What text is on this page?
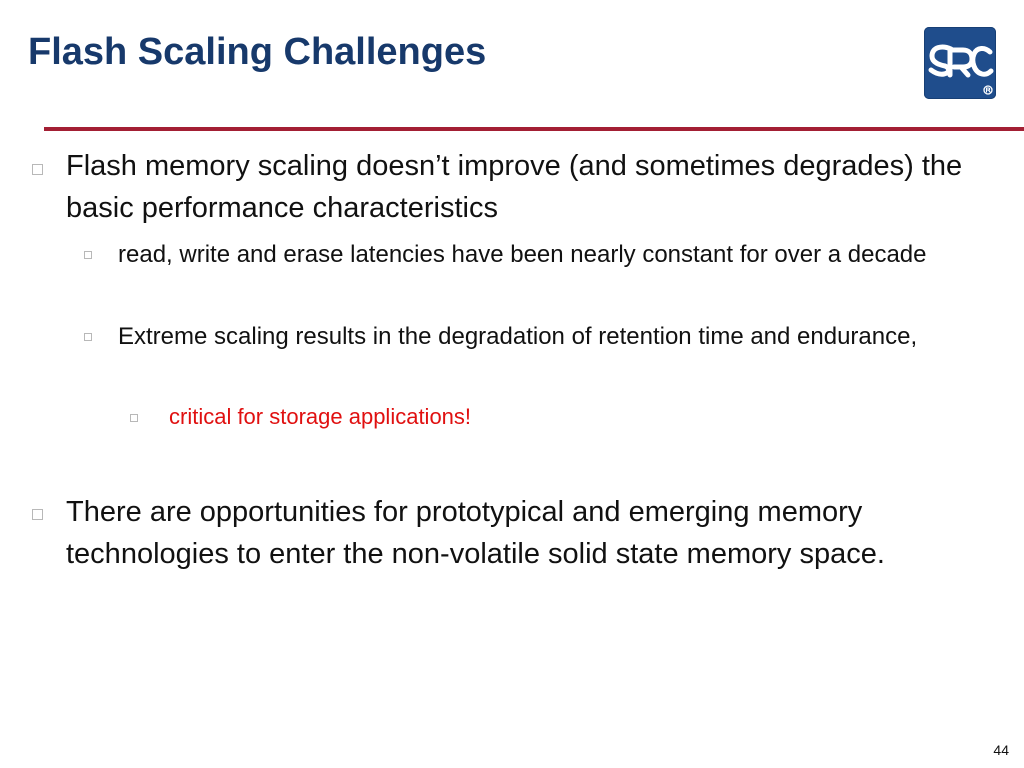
Flash Scaling Challenges

Flash memory scaling doesn’t improve (and sometimes degrades) the basic performance characteristics

read, write and erase latencies have been nearly constant for over a decade

Extreme scaling results in the degradation of retention time and endurance,

critical for storage applications!

There are opportunities for prototypical and emerging memory technologies to enter the non-volatile solid state memory space.

44
